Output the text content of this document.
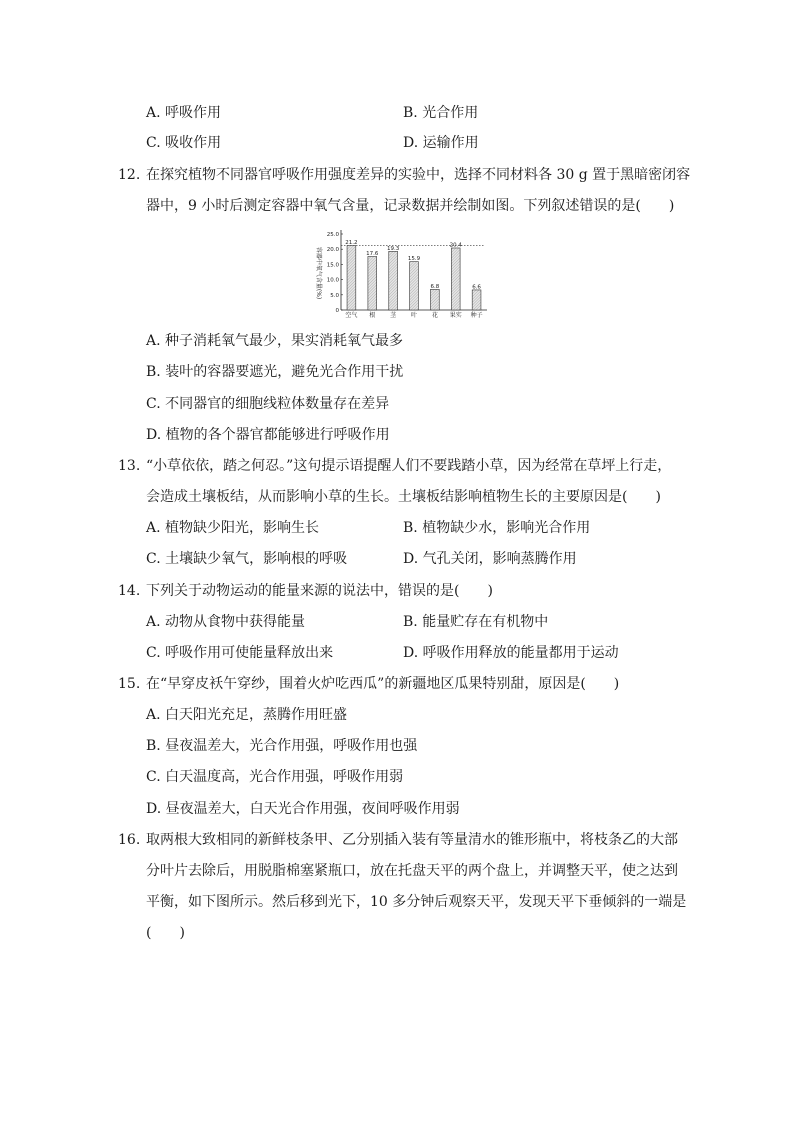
A. 呼吸作用	B. 光合作用
C. 吸收作用	D. 运输作用
12. 在探究植物不同器官呼吸作用强度差异的实验中，选择不同材料各 30 g 置于黑暗密闭容
器中，9 小时后测定容器中氧气含量，记录数据并绘制如图。下列叙述错误的是(　　)
容器中氧气含量(%)
0
5.0
10.0
15.0
20.0
25.0
21.2
17.6
19.3
15.9
6.8
20.4
6.6
空气 根 茎 叶 花 果实 种子
A. 种子消耗氧气最少，果实消耗氧气最多
B. 装叶的容器要遮光，避免光合作用干扰
C. 不同器官的细胞线粒体数量存在差异
D. 植物的各个器官都能够进行呼吸作用
13. “小草依依，踏之何忍。”这句提示语提醒人们不要践踏小草，因为经常在草坪上行走，
会造成土壤板结，从而影响小草的生长。土壤板结影响植物生长的主要原因是(　　)
A. 植物缺少阳光，影响生长	B. 植物缺少水，影响光合作用
C. 土壤缺少氧气，影响根的呼吸	D. 气孔关闭，影响蒸腾作用
14. 下列关于动物运动的能量来源的说法中，错误的是(　　)
A. 动物从食物中获得能量	B. 能量贮存在有机物中
C. 呼吸作用可使能量释放出来	D. 呼吸作用释放的能量都用于运动
15. 在“早穿皮袄午穿纱，围着火炉吃西瓜”的新疆地区瓜果特别甜，原因是(　　)
A. 白天阳光充足，蒸腾作用旺盛
B. 昼夜温差大，光合作用强，呼吸作用也强
C. 白天温度高，光合作用强，呼吸作用弱
D. 昼夜温差大，白天光合作用强，夜间呼吸作用弱
16. 取两根大致相同的新鲜枝条甲、乙分别插入装有等量清水的锥形瓶中，将枝条乙的大部
分叶片去除后，用脱脂棉塞紧瓶口，放在托盘天平的两个盘上，并调整天平，使之达到
平衡，如下图所示。然后移到光下，10 多分钟后观察天平，发现天平下垂倾斜的一端是
(　　)
